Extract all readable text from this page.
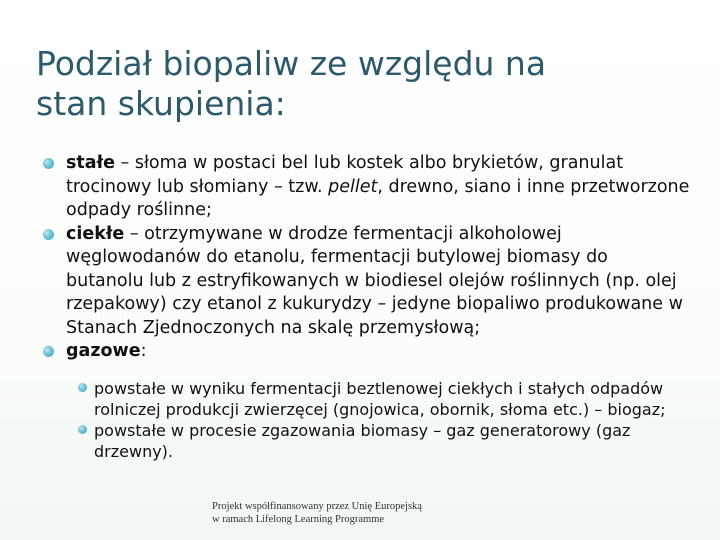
Podział biopaliw ze względu na
stan skupienia:
stałe – słoma w postaci bel lub kostek albo brykietów, granulat trocinowy lub słomiany – tzw. pellet, drewno, siano i inne przetworzone odpady roślinne;
ciekłe – otrzymywane w drodze fermentacji alkoholowej węglowodanów do etanolu, fermentacji butylowej biomasy do butanolu lub z estryfikowanych w biodiesel olejów roślinnych (np. olej rzepakowy) czy etanol z kukurydzy – jedyne biopaliwo produkowane w Stanach Zjednoczonych na skalę przemysłową;
gazowe:
powstałe w wyniku fermentacji beztlenowej ciekłych i stałych odpadów rolniczej produkcji zwierzęcej (gnojowica, obornik, słoma etc.) – biogaz;
powstałe w procesie zgazowania biomasy – gaz generatorowy (gaz drzewny).
Projekt współfinansowany przez Unię Europejską
w ramach Lifelong Learning Programme
